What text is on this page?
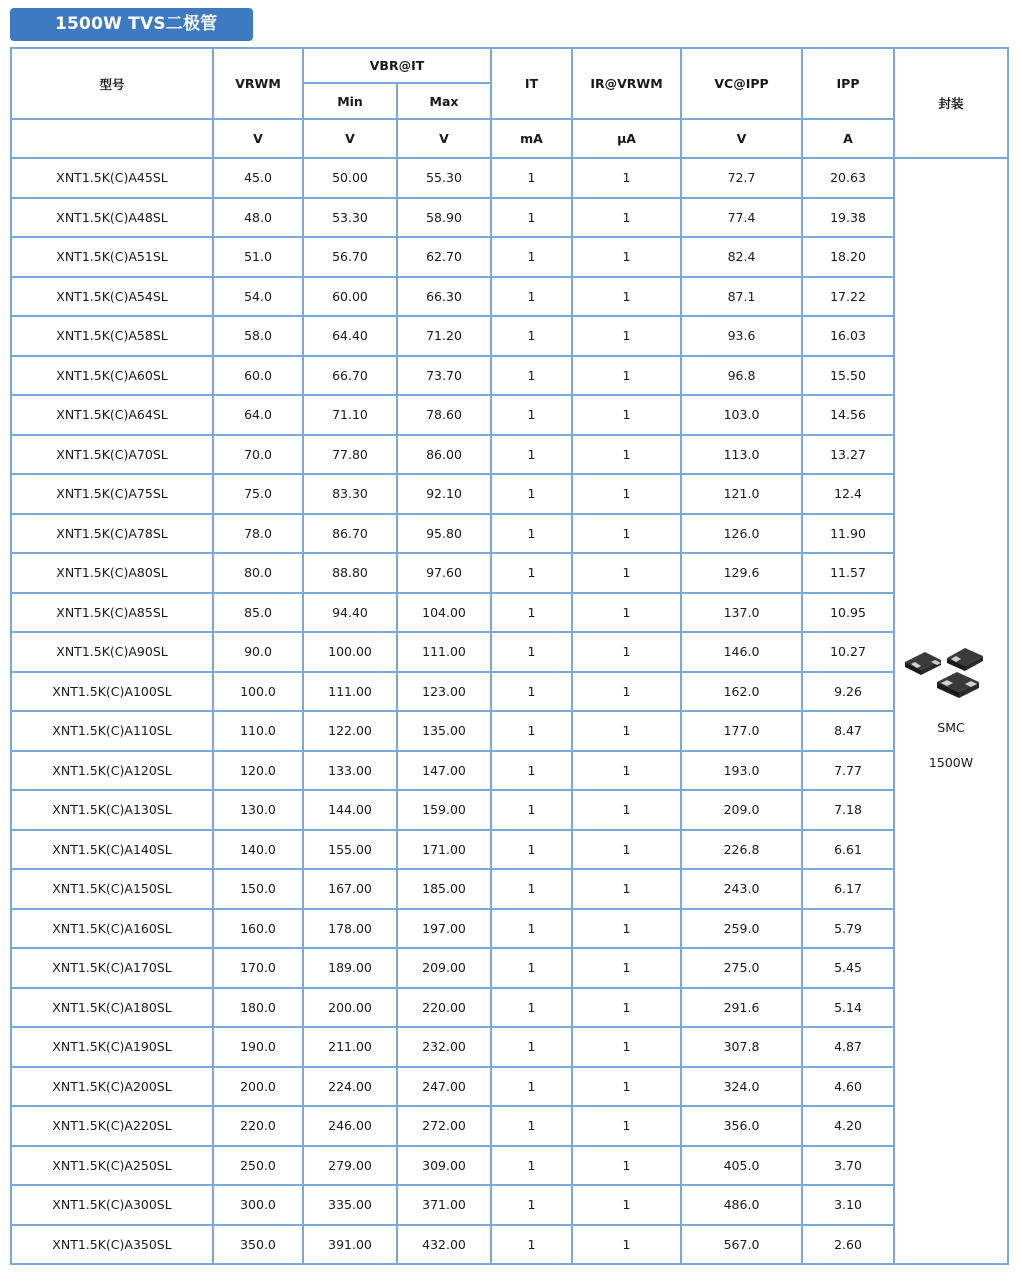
1500W TVS二极管
型号	VRWM	VBR@IT		IT	IR@VRWM	VC@IPP	IPP	封装
		Min	Max					
	V	V	V	mA	μA	V	A	
XNT1.5K(C)A45SL	45.0	50.00	55.30	1	1	72.7	20.63	SMC
1500W

XNT1.5K(C)A48SL	48.0	53.30	58.90	1	1	77.4	19.38	
XNT1.5K(C)A51SL	51.0	56.70	62.70	1	1	82.4	18.20	
XNT1.5K(C)A54SL	54.0	60.00	66.30	1	1	87.1	17.22	
XNT1.5K(C)A58SL	58.0	64.40	71.20	1	1	93.6	16.03	
XNT1.5K(C)A60SL	60.0	66.70	73.70	1	1	96.8	15.50	
XNT1.5K(C)A64SL	64.0	71.10	78.60	1	1	103.0	14.56	
XNT1.5K(C)A70SL	70.0	77.80	86.00	1	1	113.0	13.27	
XNT1.5K(C)A75SL	75.0	83.30	92.10	1	1	121.0	12.4	
XNT1.5K(C)A78SL	78.0	86.70	95.80	1	1	126.0	11.90	
XNT1.5K(C)A80SL	80.0	88.80	97.60	1	1	129.6	11.57	
XNT1.5K(C)A85SL	85.0	94.40	104.00	1	1	137.0	10.95	
XNT1.5K(C)A90SL	90.0	100.00	111.00	1	1	146.0	10.27	
XNT1.5K(C)A100SL	100.0	111.00	123.00	1	1	162.0	9.26	
XNT1.5K(C)A110SL	110.0	122.00	135.00	1	1	177.0	8.47	
XNT1.5K(C)A120SL	120.0	133.00	147.00	1	1	193.0	7.77	
XNT1.5K(C)A130SL	130.0	144.00	159.00	1	1	209.0	7.18	
XNT1.5K(C)A140SL	140.0	155.00	171.00	1	1	226.8	6.61	
XNT1.5K(C)A150SL	150.0	167.00	185.00	1	1	243.0	6.17	
XNT1.5K(C)A160SL	160.0	178.00	197.00	1	1	259.0	5.79	
XNT1.5K(C)A170SL	170.0	189.00	209.00	1	1	275.0	5.45	
XNT1.5K(C)A180SL	180.0	200.00	220.00	1	1	291.6	5.14	
XNT1.5K(C)A190SL	190.0	211.00	232.00	1	1	307.8	4.87	
XNT1.5K(C)A200SL	200.0	224.00	247.00	1	1	324.0	4.60	
XNT1.5K(C)A220SL	220.0	246.00	272.00	1	1	356.0	4.20	
XNT1.5K(C)A250SL	250.0	279.00	309.00	1	1	405.0	3.70	
XNT1.5K(C)A300SL	300.0	335.00	371.00	1	1	486.0	3.10	
XNT1.5K(C)A350SL	350.0	391.00	432.00	1	1	567.0	2.60	
